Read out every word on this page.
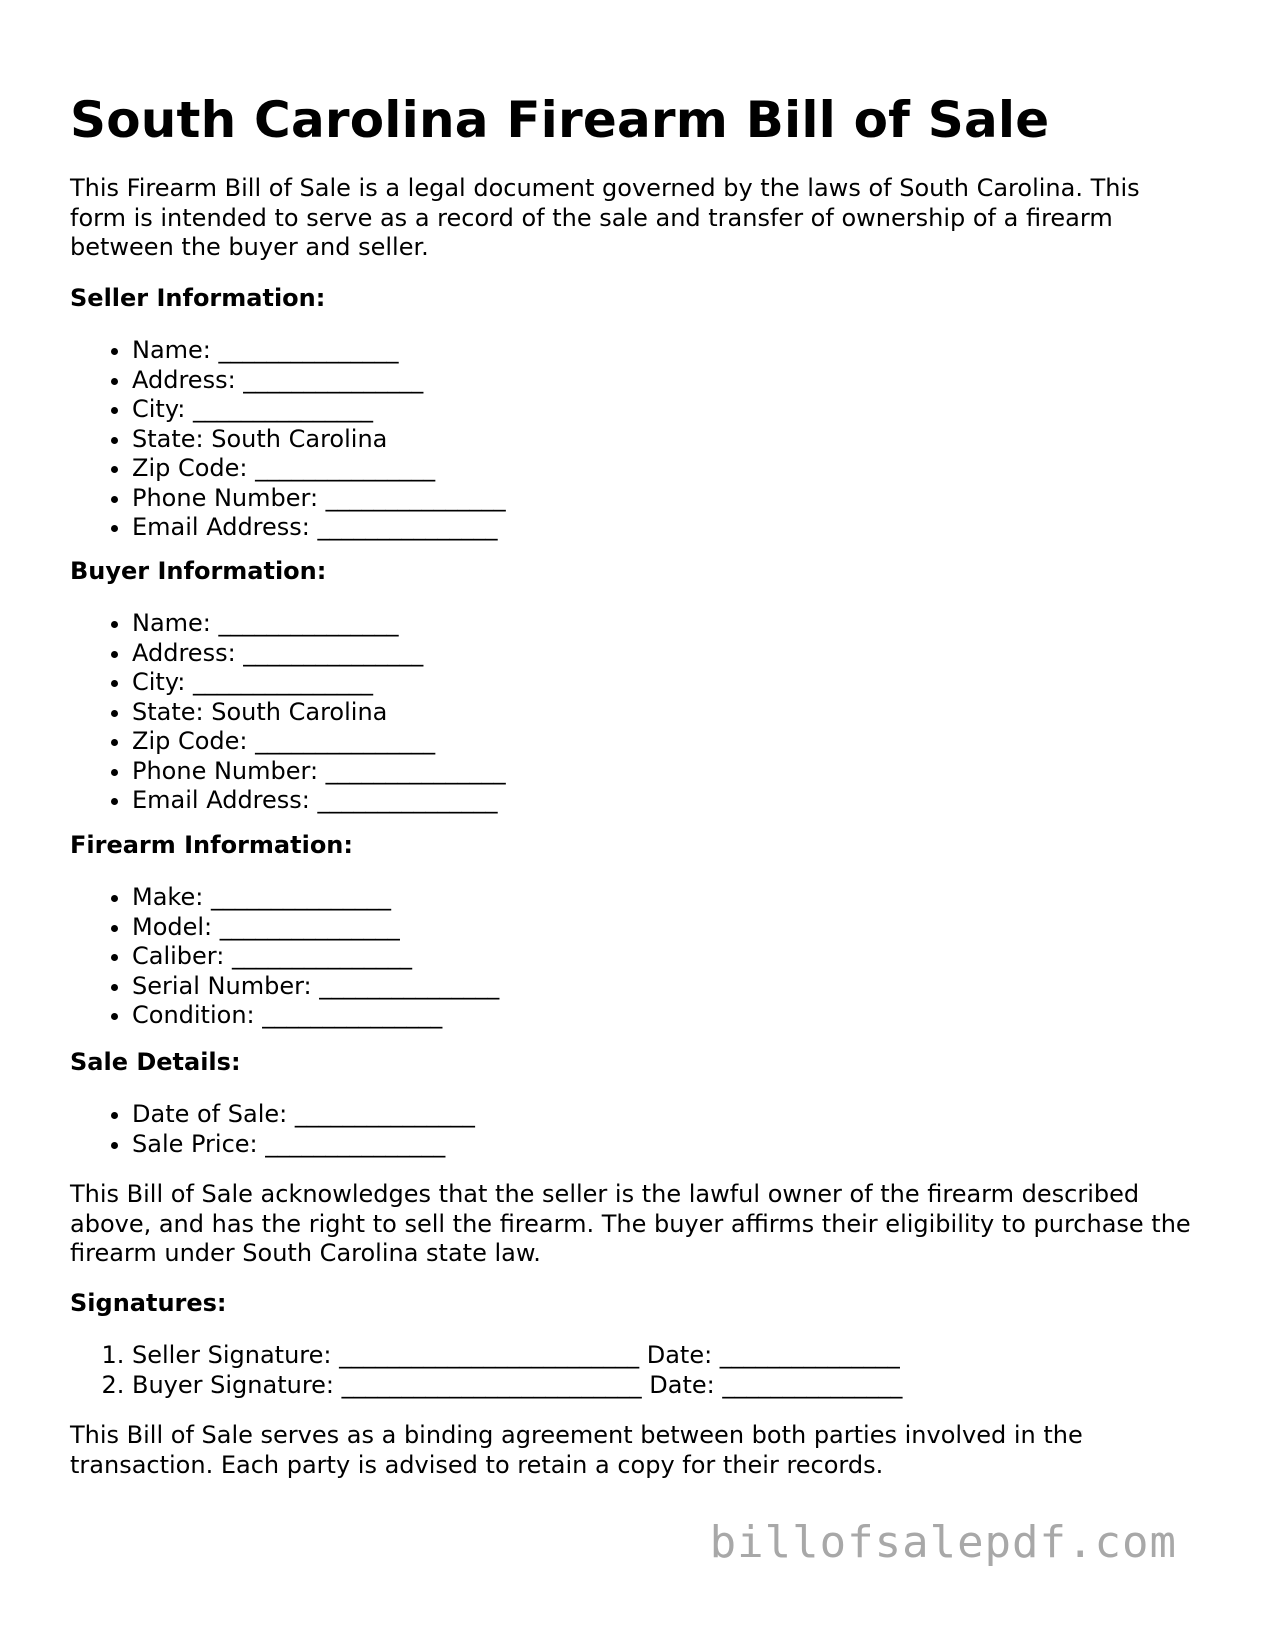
South Carolina Firearm Bill of Sale

This Firearm Bill of Sale is a legal document governed by the laws of South Carolina. This form is intended to serve as a record of the sale and transfer of ownership of a firearm between the buyer and seller.

Seller Information:
• Name: _______________
• Address: _______________
• City: _______________
• State: South Carolina
• Zip Code: _______________
• Phone Number: _______________
• Email Address: _______________
Buyer Information:
• Name: _______________
• Address: _______________
• City: _______________
• State: South Carolina
• Zip Code: _______________
• Phone Number: _______________
• Email Address: _______________
Firearm Information:
• Make: _______________
• Model: _______________
• Caliber: _______________
• Serial Number: _______________
• Condition: _______________
Sale Details:
• Date of Sale: _______________
• Sale Price: _______________

This Bill of Sale acknowledges that the seller is the lawful owner of the firearm described above, and has the right to sell the firearm. The buyer affirms their eligibility to purchase the firearm under South Carolina state law.

Signatures:
1. Seller Signature: _________________________ Date: _______________
2. Buyer Signature: _________________________ Date: _______________

This Bill of Sale serves as a binding agreement between both parties involved in the transaction. Each party is advised to retain a copy for their records.

billofsalepdf.com
